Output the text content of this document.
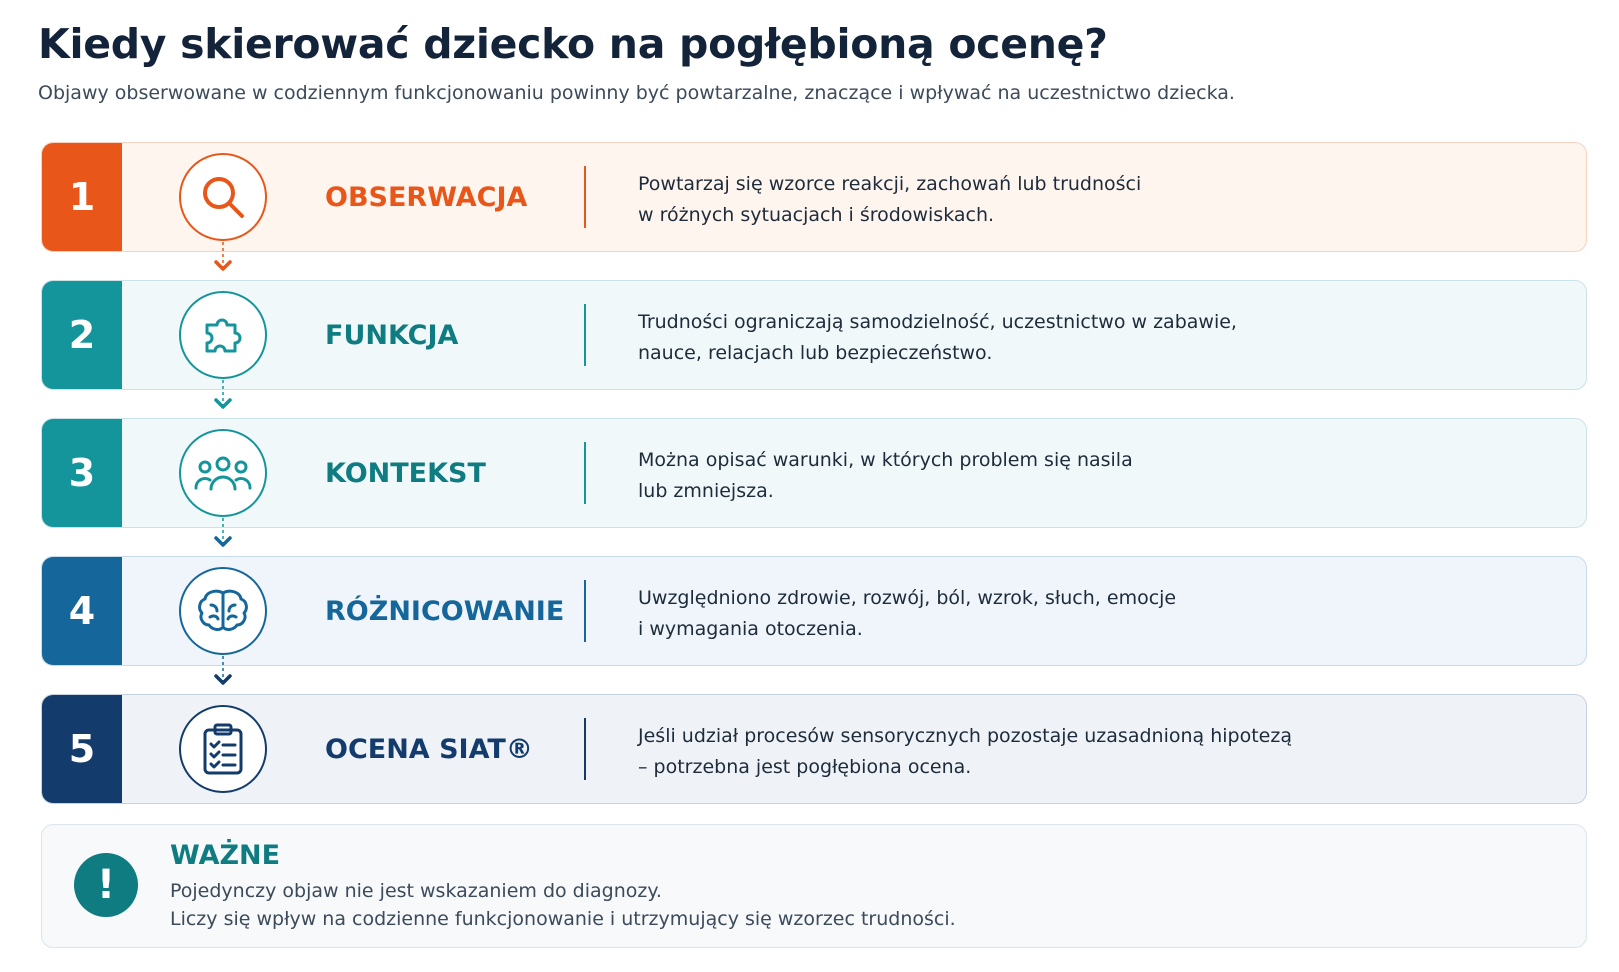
Kiedy skierować dziecko na pogłębioną ocenę?
Objawy obserwowane w codziennym funkcjonowaniu powinny być powtarzalne, znaczące i wpływać na uczestnictwo dziecka.
1	OBSERWACJA	Powtarzaj się wzorce reakcji, zachowań lub trudności
w różnych sytuacjach i środowiskach.
2	FUNKCJA	Trudności ograniczają samodzielność, uczestnictwo w zabawie,
nauce, relacjach lub bezpieczeństwo.
3	KONTEKST	Można opisać warunki, w których problem się nasila
lub zmniejsza.
4	RÓŻNICOWANIE	Uwzględniono zdrowie, rozwój, ból, wzrok, słuch, emocje
i wymagania otoczenia.
5	OCENA SIAT®	Jeśli udział procesów sensorycznych pozostaje uzasadnioną hipotezą
– potrzebna jest pogłębiona ocena.
!
WAŻNE
Pojedynczy objaw nie jest wskazaniem do diagnozy.
Liczy się wpływ na codzienne funkcjonowanie i utrzymujący się wzorzec trudności.
